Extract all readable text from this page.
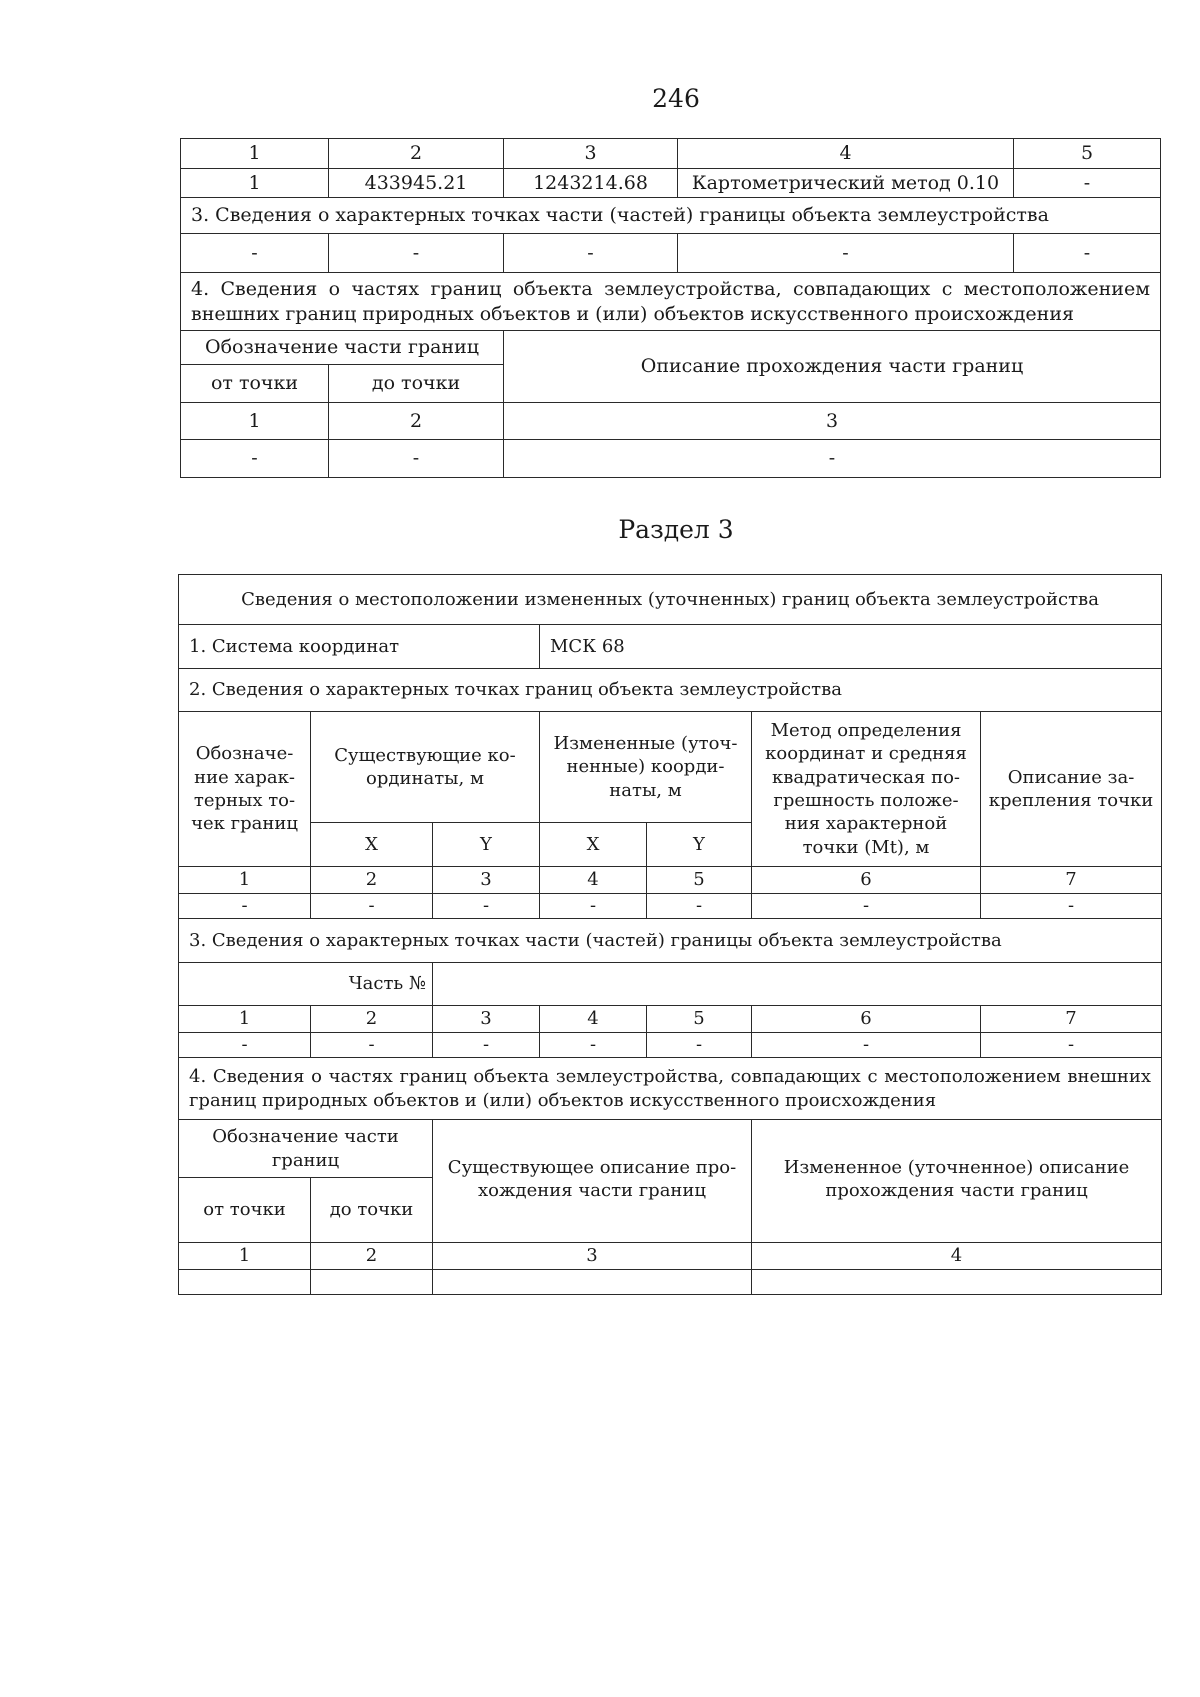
246
1	2	3	4	5
1	433945.21	1243214.68	Картометрический метод 0.10	-
3. Сведения о характерных точках части (частей) границы объекта землеустройства				
-	-	-	-	-
4. Сведения о частях границ объекта землеустройства, совпадающих с местоположением внешних границ природных объектов и (или) объектов искусственного происхождения				
Обозначение части границ		Описание прохождения части границ		
от точки	до точки			
1	2	3		
-	-	-		
Раздел 3
Сведения о местоположении измененных (уточненных) границ объекта землеустройства						
1. Система координат			МСК 68			
2. Сведения о характерных точках границ объекта землеустройства						
Обозначе-ние харак-терных то-чек границ	Существующие ко-ординаты, м		Измененные (уточ-ненные) коорди-наты, м		Метод определения координат и средняя квадратическая по-грешность положе-ния характерной точки (Mt), м	Описание за-крепления точки
	X	Y	X	Y		
1	2	3	4	5	6	7
-	-	-	-	-	-	-
3. Сведения о характерных точках части (частей) границы объекта землеустройства						
Часть №						
1	2	3	4	5	6	7
-	-	-	-	-	-	-
4. Сведения о частях границ объекта землеустройства, совпадающих с местоположением внешних границ природных объектов и (или) объектов искусственного происхождения						
Обозначение части границ		Существующее описание про-хождения части границ			Измененное (уточненное) описание прохождения части границ	
от точки	до точки					
1	2	3			4	
